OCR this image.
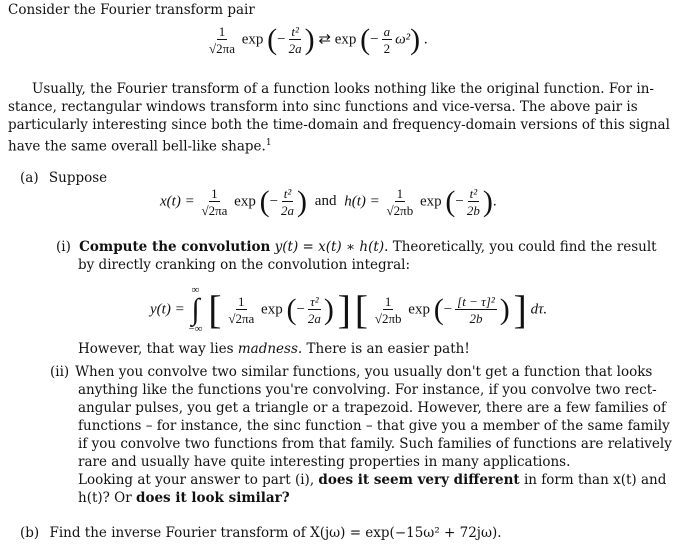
Consider the Fourier transform pair
$\frac{1}{√2\pi a}$ exp (− $\frac{\text{t²}}{2a}$ ) ⇄ exp (− $\frac{a}{2} \omega^2$) .
Usually, the Fourier transform of a function looks nothing like the original function. For in-
stance, rectangular windows transform into sinc functions and vice-versa. The above pair is
particularly interesting since both the time-domain and frequency-domain versions of this signal
have the same overall bell-like shape.$^1$
(a) Suppose
$x(t) = \frac{1}{√2\pi a}$ exp (− $\frac{\text{t²}}{2a}$ ) and $h(t) = \frac{1}{√2\pi b}$ exp (− $\frac{\text{t²}}{2b}$ ).
(i) Compute the convolution y(t) = x(t) ∗ h(t). Theoretically, you could find the result
by directly cranking on the convolution integral:
y(t) =
∞
∫
−∞ [ $\frac{1}{√2\pi a}$ exp (− $\frac{\text{τ²}}{2a}$ ) ] [ $\frac{1}{√2\pi b}$ exp (− $\frac{\text{[t − τ]²}}{2b}$ ) ] dτ.
However, that way lies madness. There is an easier path!
(ii) When you convolve two similar functions, you usually don't get a function that looks
anything like the functions you're convolving. For instance, if you convolve two rect-
angular pulses, you get a triangle or a trapezoid. However, there are a few families of
functions – for instance, the sinc function – that give you a member of the same family
if you convolve two functions from that family. Such families of functions are relatively
rare and usually have quite interesting properties in many applications.
Looking at your answer to part (i), does it seem very different in form than x(t) and
h(t)? Or does it look similar?
(b) Find the inverse Fourier transform of X(jω) = exp(−15ω² + 72jω).
